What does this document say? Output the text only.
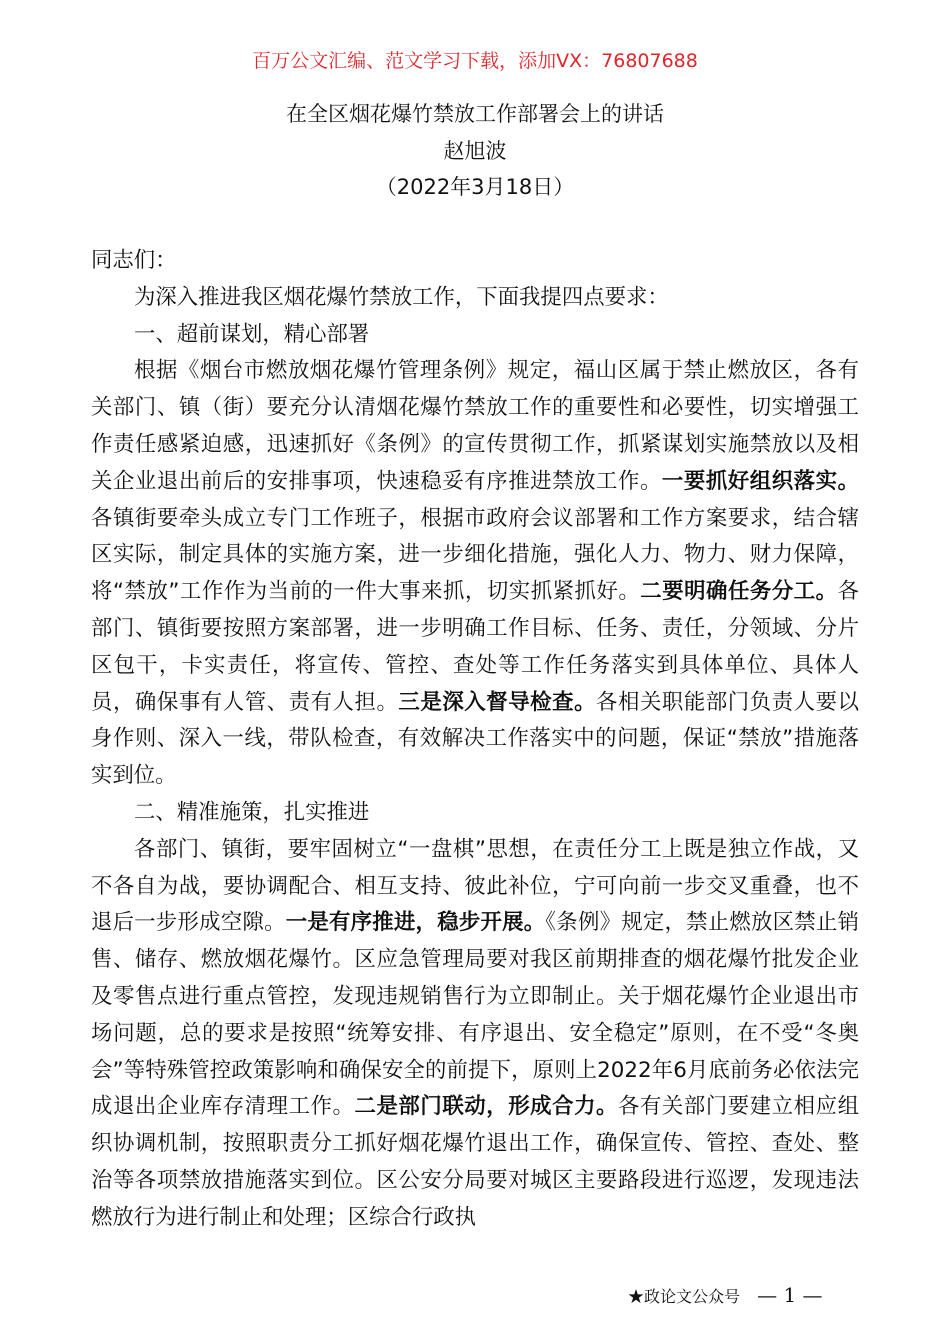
百万公文汇编、范文学习下载，添加VX：76807688
在全区烟花爆竹禁放工作部署会上的讲话
赵旭波
（2022年3月18日）

同志们：

为深入推进我区烟花爆竹禁放工作，下面我提四点要求：

一、超前谋划，精心部署

根据《烟台市燃放烟花爆竹管理条例》规定，福山区属于禁止燃放区，各有关部门、镇（街）要充分认清烟花爆竹禁放工作的重要性和必要性，切实增强工作责任感紧迫感，迅速抓好《条例》的宣传贯彻工作，抓紧谋划实施禁放以及相关企业退出前后的安排事项，快速稳妥有序推进禁放工作。一要抓好组织落实。各镇街要牵头成立专门工作班子，根据市政府会议部署和工作方案要求，结合辖区实际，制定具体的实施方案，进一步细化措施，强化人力、物力、财力保障，将“禁放”工作作为当前的一件大事来抓，切实抓紧抓好。二要明确任务分工。各部门、镇街要按照方案部署，进一步明确工作目标、任务、责任，分领域、分片区包干，卡实责任，将宣传、管控、查处等工作任务落实到具体单位、具体人员，确保事有人管、责有人担。三是深入督导检查。各相关职能部门负责人要以身作则、深入一线，带队检查，有效解决工作落实中的问题，保证“禁放”措施落实到位。

二、精准施策，扎实推进

各部门、镇街，要牢固树立“一盘棋”思想，在责任分工上既是独立作战，又不各自为战，要协调配合、相互支持、彼此补位，宁可向前一步交叉重叠，也不退后一步形成空隙。一是有序推进，稳步开展。《条例》规定，禁止燃放区禁止销售、储存、燃放烟花爆竹。区应急管理局要对我区前期排查的烟花爆竹批发企业及零售点进行重点管控，发现违规销售行为立即制止。关于烟花爆竹企业退出市场问题，总的要求是按照“统筹安排、有序退出、安全稳定”原则，在不受“冬奥会”等特殊管控政策影响和确保安全的前提下，原则上2022年6月底前务必依法完成退出企业库存清理工作。二是部门联动，形成合力。各有关部门要建立相应组织协调机制，按照职责分工抓好烟花爆竹退出工作，确保宣传、管控、查处、整治等各项禁放措施落实到位。区公安分局要对城区主要路段进行巡逻，发现违法燃放行为进行制止和处理；区综合行政执

★政论文公众号 — 1 —
